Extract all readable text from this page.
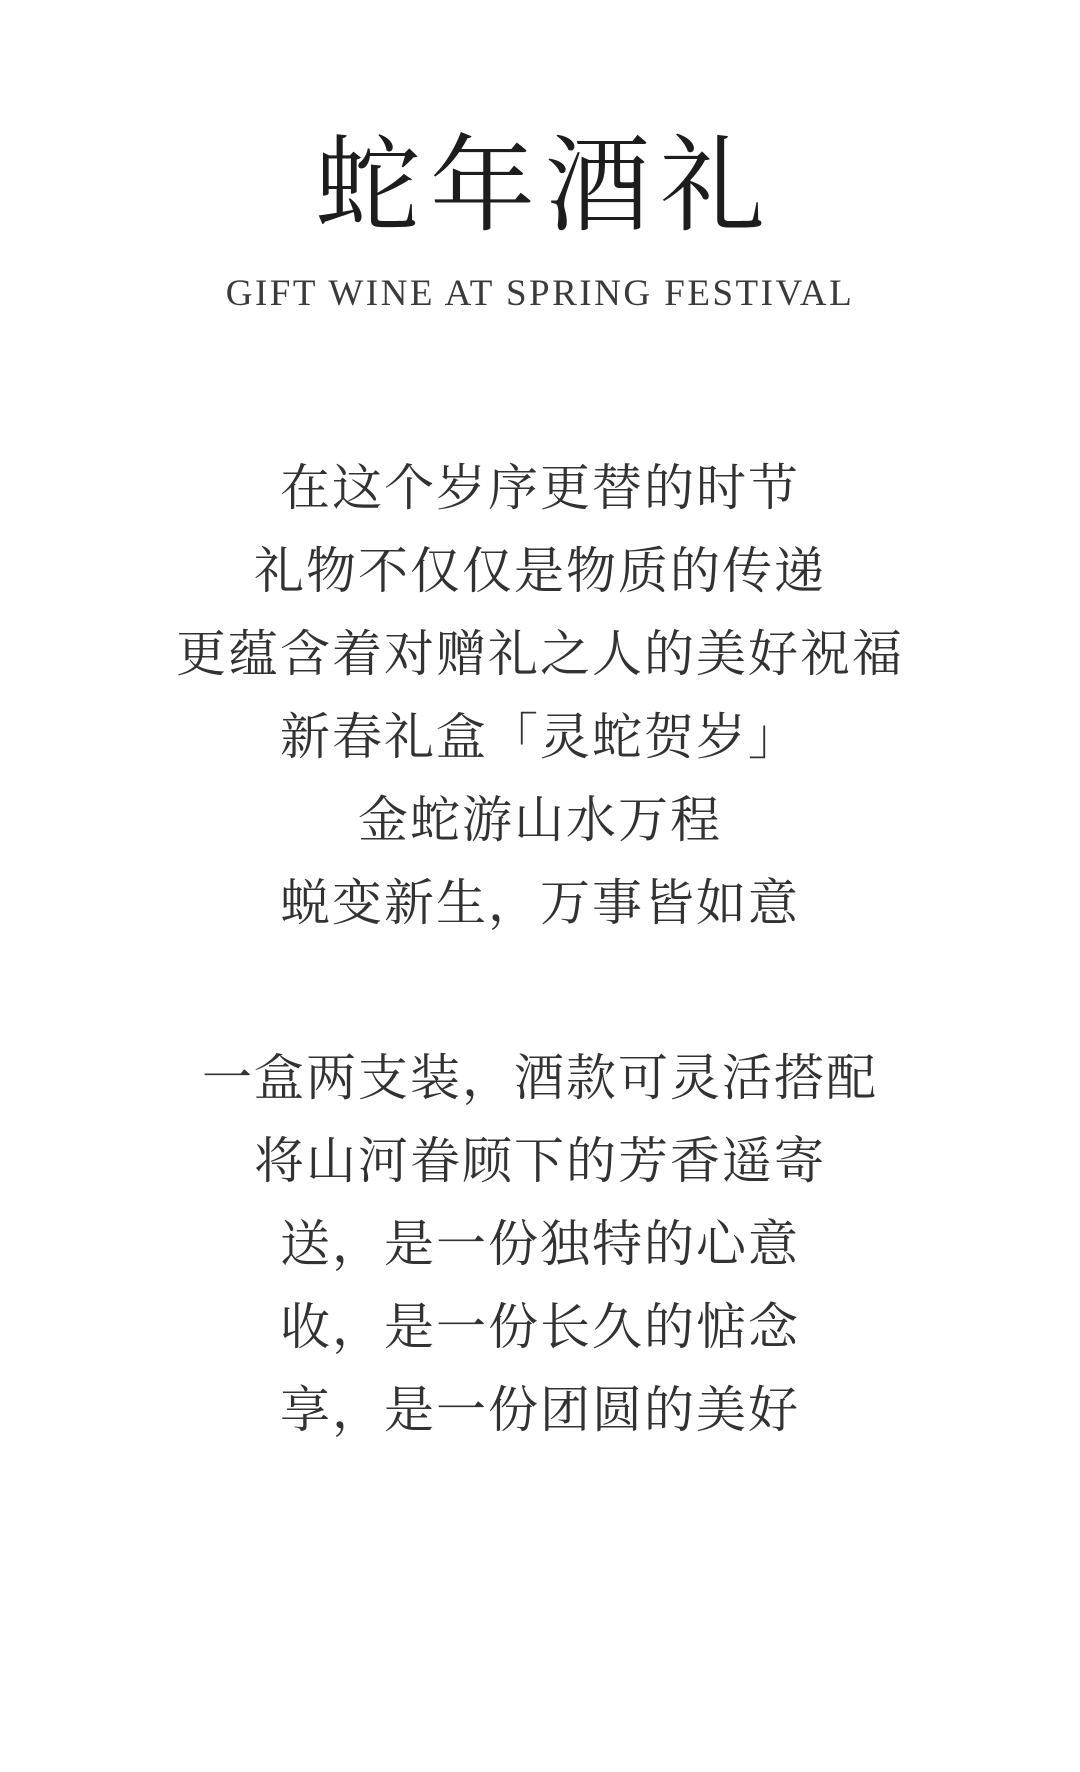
蛇年酒礼
GIFT WINE AT SPRING FESTIVAL
在这个岁序更替的时节
礼物不仅仅是物质的传递
更蕴含着对赠礼之人的美好祝福
新春礼盒「灵蛇贺岁」
金蛇游山水万程
蜕变新生，万事皆如意
一盒两支装，酒款可灵活搭配
将山河眷顾下的芳香遥寄
送，是一份独特的心意
收，是一份长久的惦念
享，是一份团圆的美好
